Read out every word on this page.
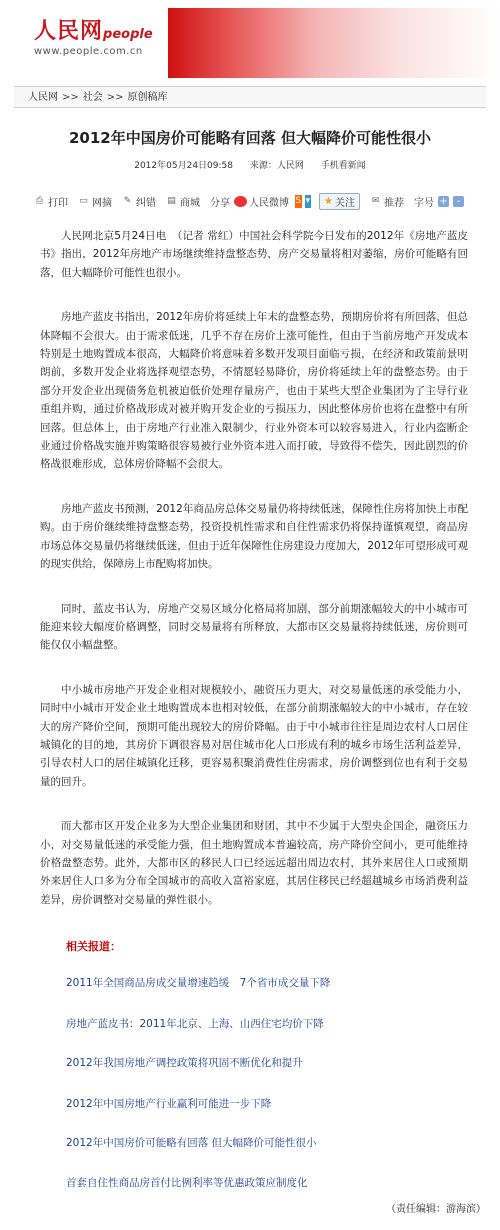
人民网people
www.people.com.cn
人民网 >> 社会 >> 原创稿库
2012年中国房价可能略有回落 但大幅降价可能性很小
2012年05月24日09:58 来源：人民网 手机看新闻
⎙ 打印 ▭ 网摘 ✎ 纠错 ▤ 商城 分享 人民微博 S ▾ ★ 关注 ✉ 推荐 字号 + -

人民网北京5月24日电　（记者 常红）中国社会科学院今日发布的2012年《房地产蓝皮书》指出，2012年房地产市场继续维持盘整态势，房产交易量将相对萎缩，房价可能略有回落，但大幅降价可能性也很小。

房地产蓝皮书指出，2012年房价将延续上年末的盘整态势，预期房价将有所回落，但总体降幅不会很大。由于需求低迷，几乎不存在房价上涨可能性，但由于当前房地产开发成本特别是土地购置成本很高，大幅降价将意味着多数开发项目面临亏损，在经济和政策前景明朗前，多数开发企业将选择观望态势，不情愿轻易降价，房价将延续上年的盘整态势。由于部分开发企业出现债务危机被迫低价处理存量房产，也由于某些大型企业集团为了主导行业重组并购，通过价格战形成对被并购开发企业的亏损压力，因此整体房价也将在盘整中有所回落。但总体上，由于房地产行业准入限制少，行业外资本可以较容易进入，行业内盗断企业通过价格战实施并购策略很容易被行业外资本进入而打破，导致得不偿失，因此剧烈的价格战很难形成，总体房价降幅不会很大。

房地产蓝皮书预测，2012年商品房总体交易量仍将持续低迷，保障性住房将加快上市配购。由于房价继续维持盘整态势，投资投机性需求和自住性需求仍将保持谨慎观望，商品房市场总体交易量仍将继续低迷，但由于近年保障性住房建设力度加大，2012年可望形成可观的现实供给，保障房上市配购将加快。

同时，蓝皮书认为，房地产交易区域分化格局将加剧，部分前期涨幅较大的中小城市可能迎来较大幅度价格调整，同时交易量将有所释放，大都市区交易量将持续低迷，房价则可能仅仅小幅盘整。

中小城市房地产开发企业相对规模较小，融资压力更大，对交易量低迷的承受能力小，同时中小城市开发企业土地购置成本也相对较低，在部分前期涨幅较大的中小城市，存在较大的房产降价空间，预期可能出现较大的房价降幅。由于中小城市往往是周边农村人口居住城镇化的目的地，其房价下调很容易对居住城市化人口形成有利的城乡市场生活利益差异，引导农村人口的居住城镇化迁移，更容易积聚消费性住房需求，房价调整到位也有利于交易量的回升。

而大都市区开发企业多为大型企业集团和财团，其中不少属于大型央企国企，融资压力小，对交易量低迷的承受能力强，但土地购置成本普遍较高，房产降价空间小，更可能维持价格盘整态势。此外，大都市区的移民人口已经远远超出周边农村，其外来居住人口或预期外来居住人口多为分布全国城市的高收入富裕家庭，其居住移民已经超越城乡市场消费利益差异，房价调整对交易量的弹性很小。

相关报道：
2011年全国商品房成交量增速趋缓　7个省市成交量下降
房地产蓝皮书：2011年北京、上海、山西住宅均价下降
2012年我国房地产调控政策将巩固不断优化和提升
2012年中国房地产行业赢利可能进一步下降
2012年中国房价可能略有回落 但大幅降价可能性很小
首套自住性商品房首付比例利率等优惠政策应制度化
（责任编辑：游海滨）
